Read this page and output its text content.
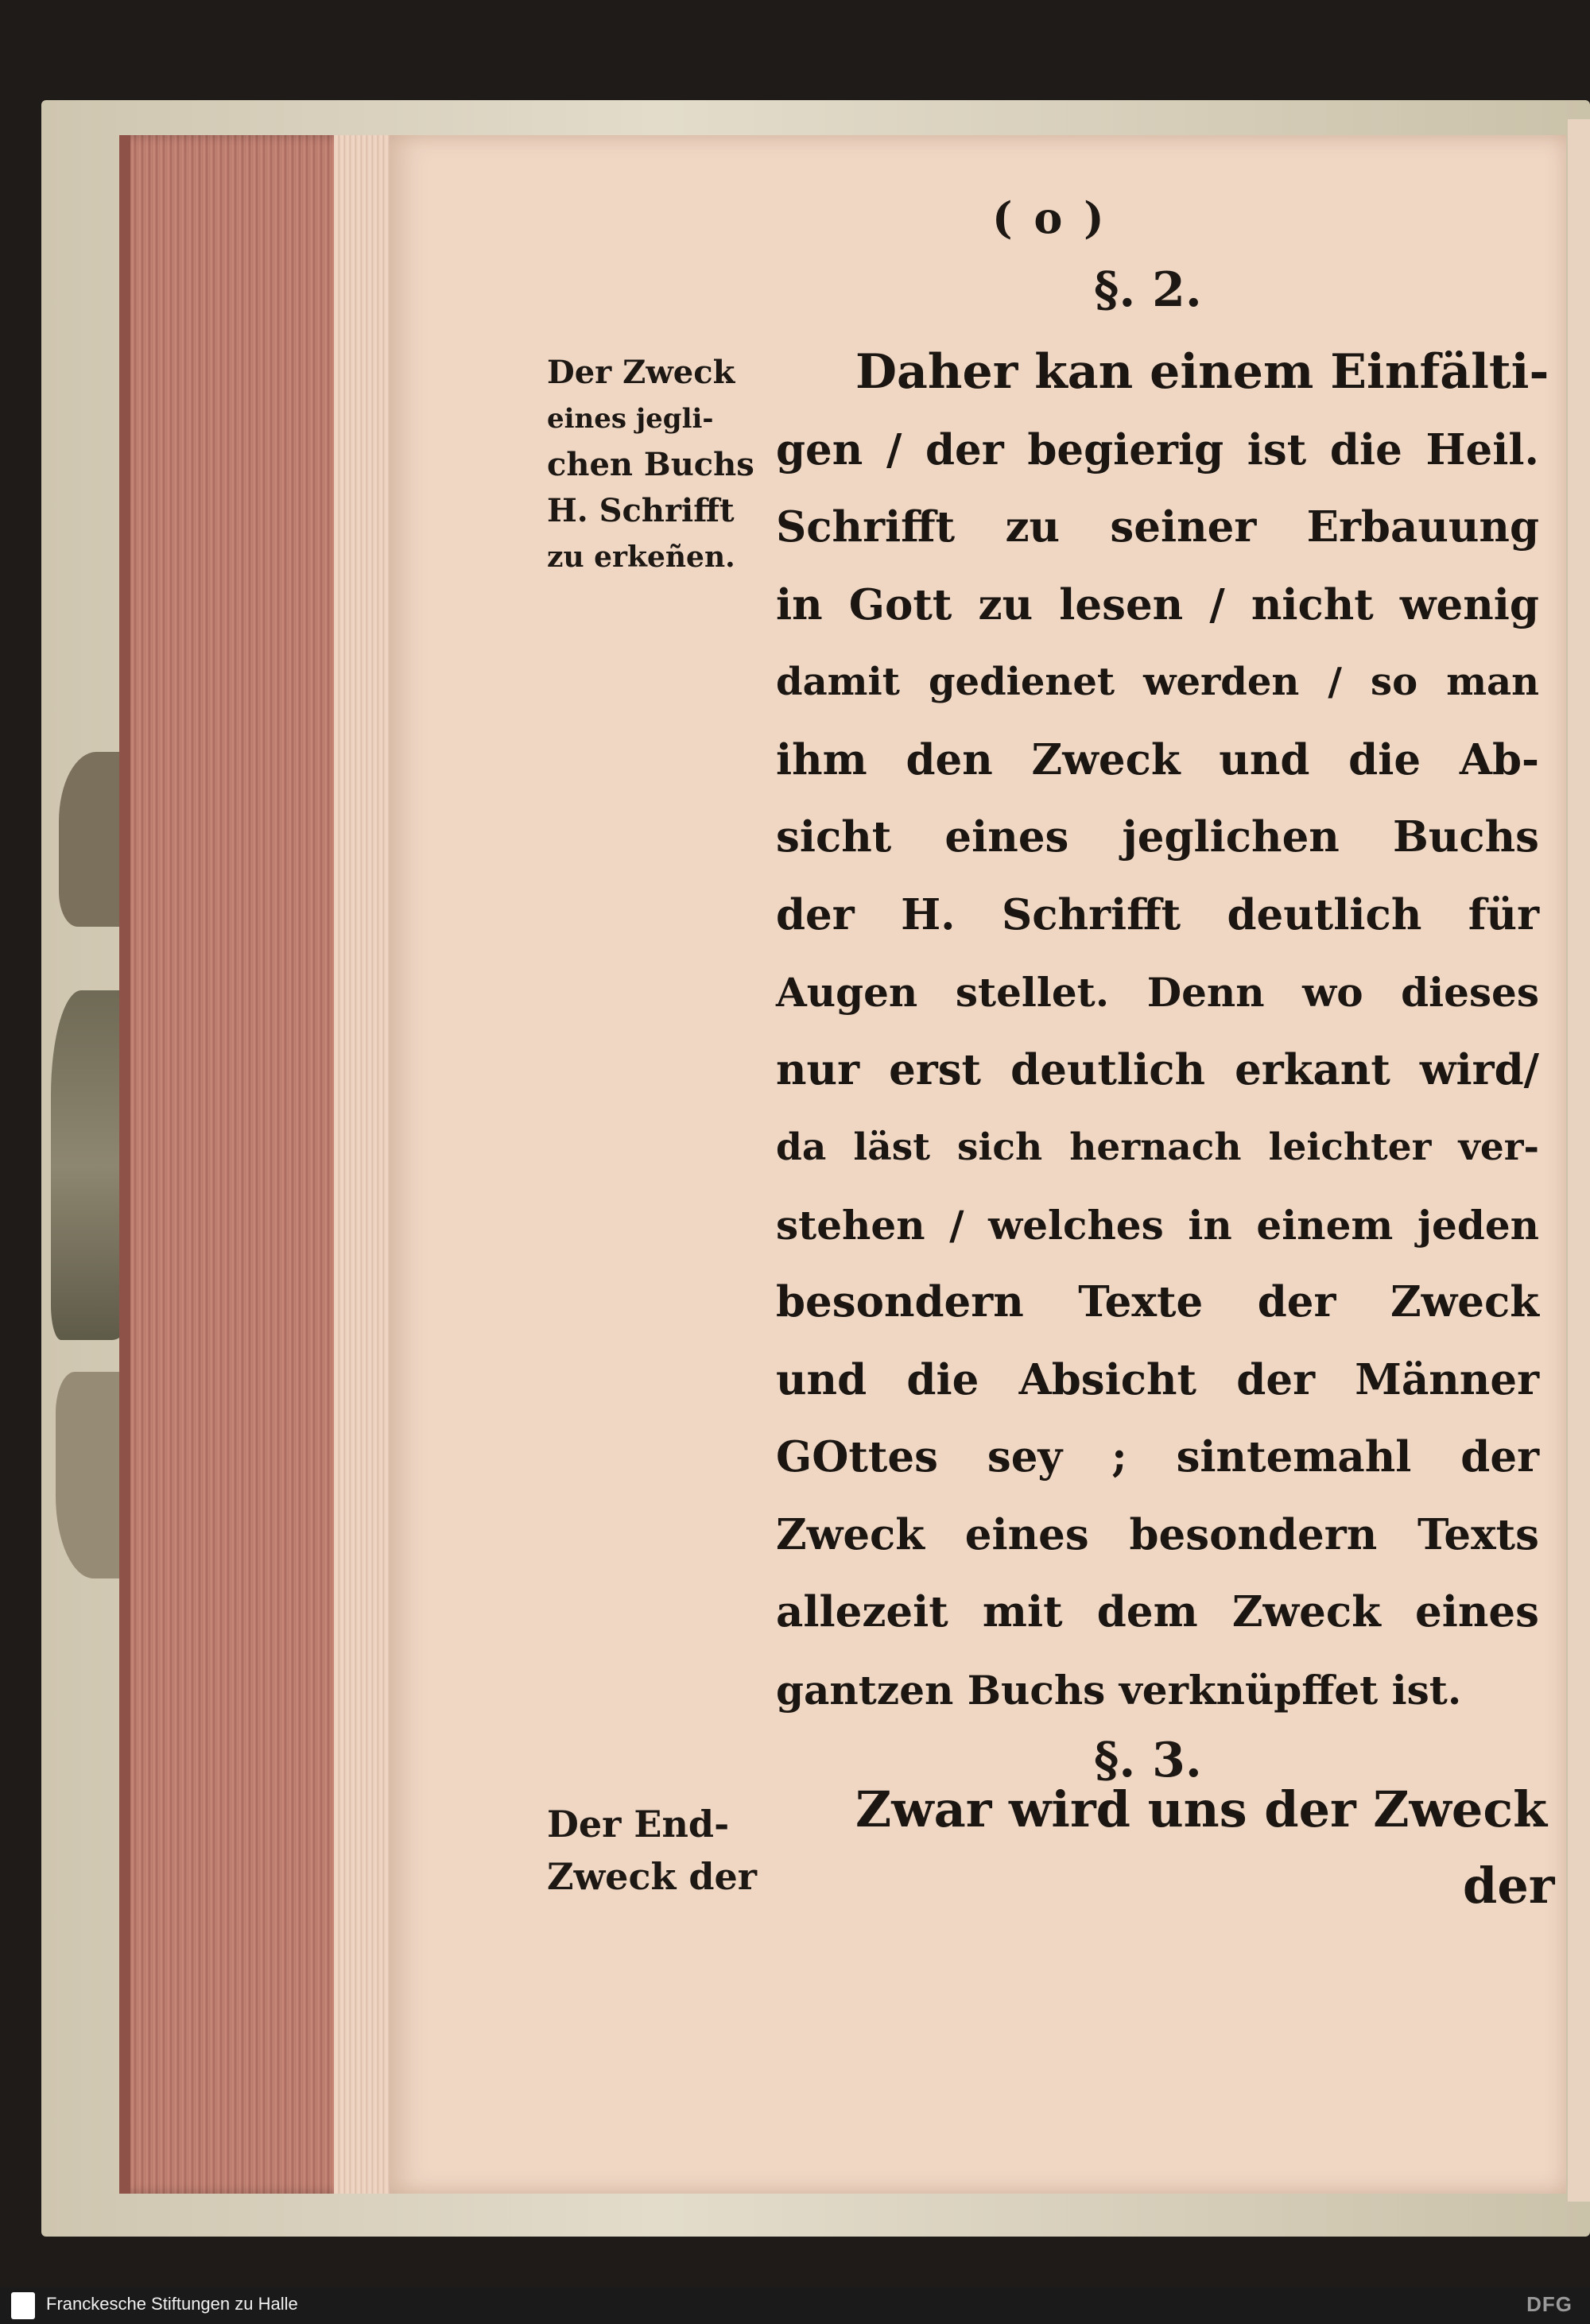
( o )
§. 2.
Der Zweck
eines jegli-
chen Buchs
H. Schrifft
zu erkeñen.
Daher kan einem Einfälti-
gen / der begierig ist die Heil.
Schrifft zu seiner Erbauung
in Gott zu lesen / nicht wenig
damit gedienet werden / so man
ihm den Zweck und die Ab-
sicht eines jeglichen Buchs
der H. Schrifft deutlich für
Augen stellet. Denn wo dieses
nur erst deutlich erkant wird/
da läst sich hernach leichter ver-
stehen / welches in einem jeden
besondern Texte der Zweck
und die Absicht der Männer
GOttes sey ; sintemahl der
Zweck eines besondern Texts
allezeit mit dem Zweck eines
gantzen Buchs verknüpffet ist.
§. 3.
Der End-
Zweck der
Zwar wird uns der Zweck
der
Franckesche Stiftungen zu Halle	DFG
